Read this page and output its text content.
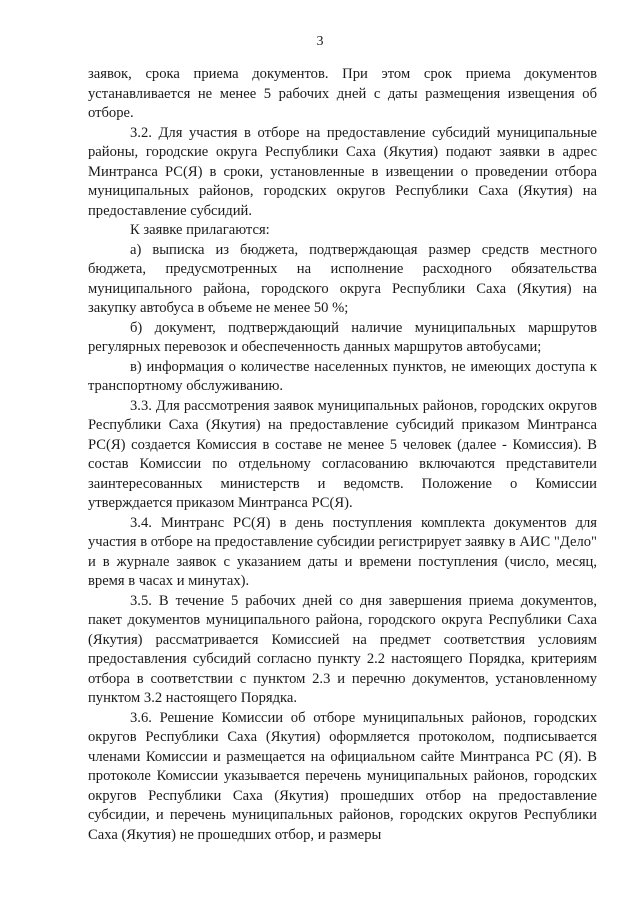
3

заявок, срока приема документов. При этом срок приема документов устанавливается не менее 5 рабочих дней с даты размещения извещения об отборе.

3.2. Для участия в отборе на предоставление субсидий муниципальные районы, городские округа Республики Саха (Якутия) подают заявки в адрес Минтранса РС(Я) в сроки, установленные в извещении о проведении отбора муниципальных районов, городских округов Республики Саха (Якутия) на предоставление субсидий.

К заявке прилагаются:

а) выписка из бюджета, подтверждающая размер средств местного бюджета, предусмотренных на исполнение расходного обязательства муниципального района, городского округа Республики Саха (Якутия) на закупку автобуса в объеме не менее 50 %;

б) документ, подтверждающий наличие муниципальных маршрутов регулярных перевозок и обеспеченность данных маршрутов автобусами;

в) информация о количестве населенных пунктов, не имеющих доступа к транспортному обслуживанию.

3.3. Для рассмотрения заявок муниципальных районов, городских округов Республики Саха (Якутия) на предоставление субсидий приказом Минтранса РС(Я) создается Комиссия в составе не менее 5 человек (далее - Комиссия). В состав Комиссии по отдельному согласованию включаются представители заинтересованных министерств и ведомств. Положение о Комиссии утверждается приказом Минтранса РС(Я).

3.4. Минтранс РС(Я) в день поступления комплекта документов для участия в отборе на предоставление субсидии регистрирует заявку в АИС "Дело" и в журнале заявок с указанием даты и времени поступления (число, месяц, время в часах и минутах).

3.5. В течение 5 рабочих дней со дня завершения приема документов, пакет документов муниципального района, городского округа Республики Саха (Якутия) рассматривается Комиссией на предмет соответствия условиям предоставления субсидий согласно пункту 2.2 настоящего Порядка, критериям отбора в соответствии с пунктом 2.3 и перечню документов, установленному пунктом 3.2 настоящего Порядка.

3.6. Решение Комиссии об отборе муниципальных районов, городских округов Республики Саха (Якутия) оформляется протоколом, подписывается членами Комиссии и размещается на официальном сайте Минтранса РС (Я). В протоколе Комиссии указывается перечень муниципальных районов, городских округов Республики Саха (Якутия) прошедших отбор на предоставление субсидии, и перечень муниципальных районов, городских округов Республики Саха (Якутия) не прошедших отбор, и размеры
